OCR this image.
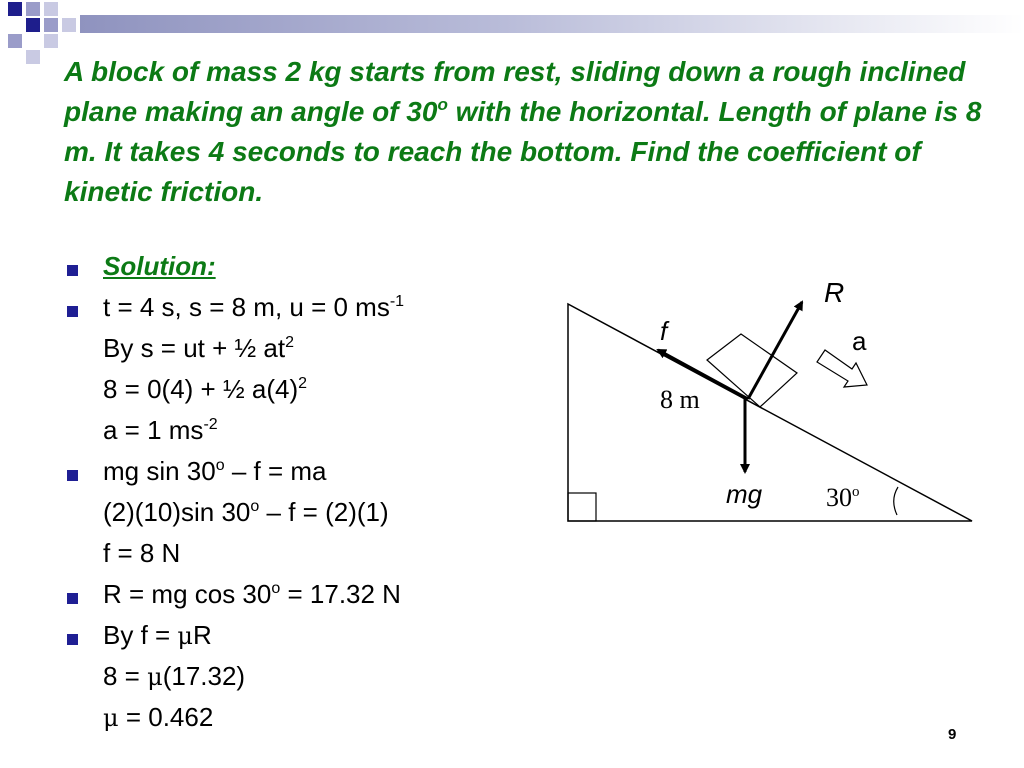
A block of mass 2 kg starts from rest, sliding down a rough inclined plane making an angle of 30$^o$ with the horizontal. Length of plane is 8 m. It takes 4 seconds to reach the bottom. Find the coefficient of kinetic friction.

Solution:
t = 4 s, s = 8 m, u = 0 $ms^{-1}$
By s = ut + ½ $at^2$
8 = 0(4) + ½ $a(4)^2$
a = 1 $ms^{-2}$
mg sin 30$^o$ – f = ma
(2)(10)sin 30$^o$ – f = (2)(1)
f = 8 N
R = mg $\cos 30^o = 17.32$ N
By f = μR
8 = μ(17.32)
μ = 0.462
R
f	a
8 m
mg 30$^o$
9
